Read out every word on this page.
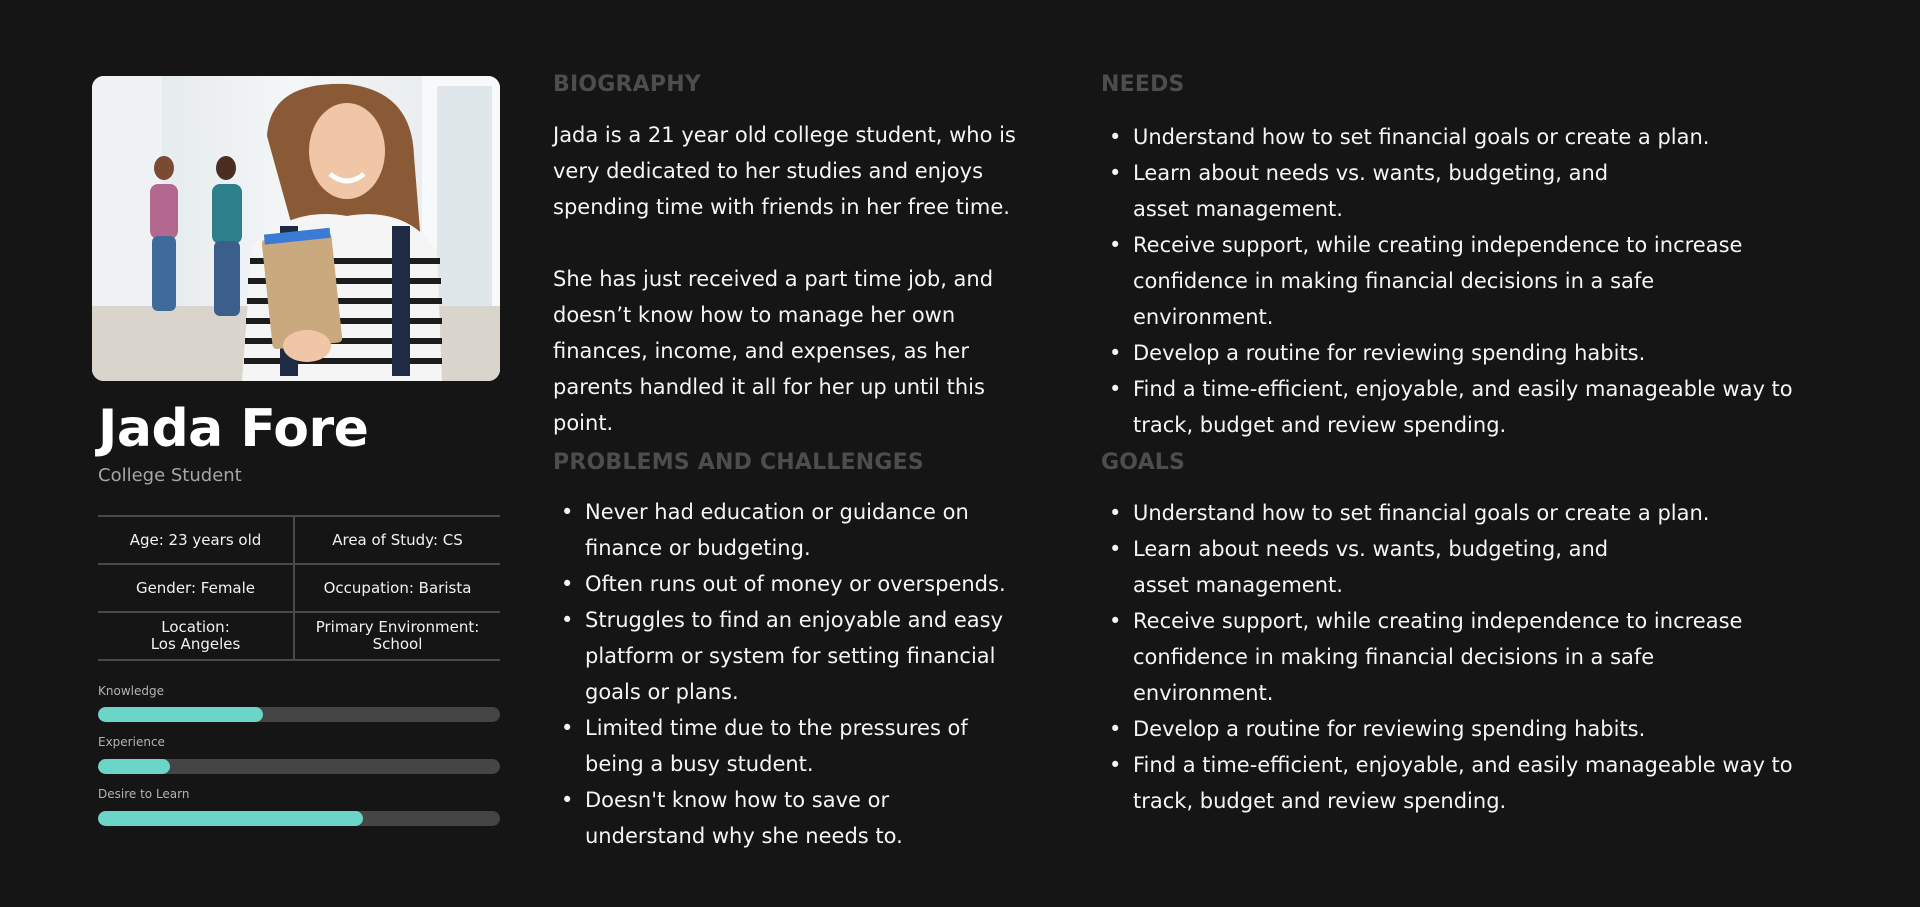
Jada Fore
College Student
Age: 23 years old	Area of Study: CS
Gender: Female	Occupation: Barista
Location:
Los Angeles
Primary Environment:
School
Knowledge
Experience
Desire to Learn
BIOGRAPHY

Jada is a 21 year old college student, who is very dedicated to her studies and enjoys spending time with friends in her free time.

She has just received a part time job, and doesn’t know how to manage her own finances, income, and expenses, as her parents handled it all for her up until this point.

PROBLEMS AND CHALLENGES
• Never had education or guidance on finance or budgeting.
• Often runs out of money or overspends.
• Struggles to find an enjoyable and easy platform or system for setting financial goals or plans.
• Limited time due to the pressures of being a busy student.
• Doesn't know how to save or understand why she needs to.
NEEDS
• Understand how to set financial goals or create a plan.
• Learn about needs vs. wants, budgeting, and asset management.
• Receive support, while creating independence to increase confidence in making financial decisions in a safe environment.
• Develop a routine for reviewing spending habits.
• Find a time-efficient, enjoyable, and easily manageable way to track, budget and review spending.
GOALS
• Understand how to set financial goals or create a plan.
• Learn about needs vs. wants, budgeting, and asset management.
• Receive support, while creating independence to increase confidence in making financial decisions in a safe environment.
• Develop a routine for reviewing spending habits.
• Find a time-efficient, enjoyable, and easily manageable way to track, budget and review spending.
